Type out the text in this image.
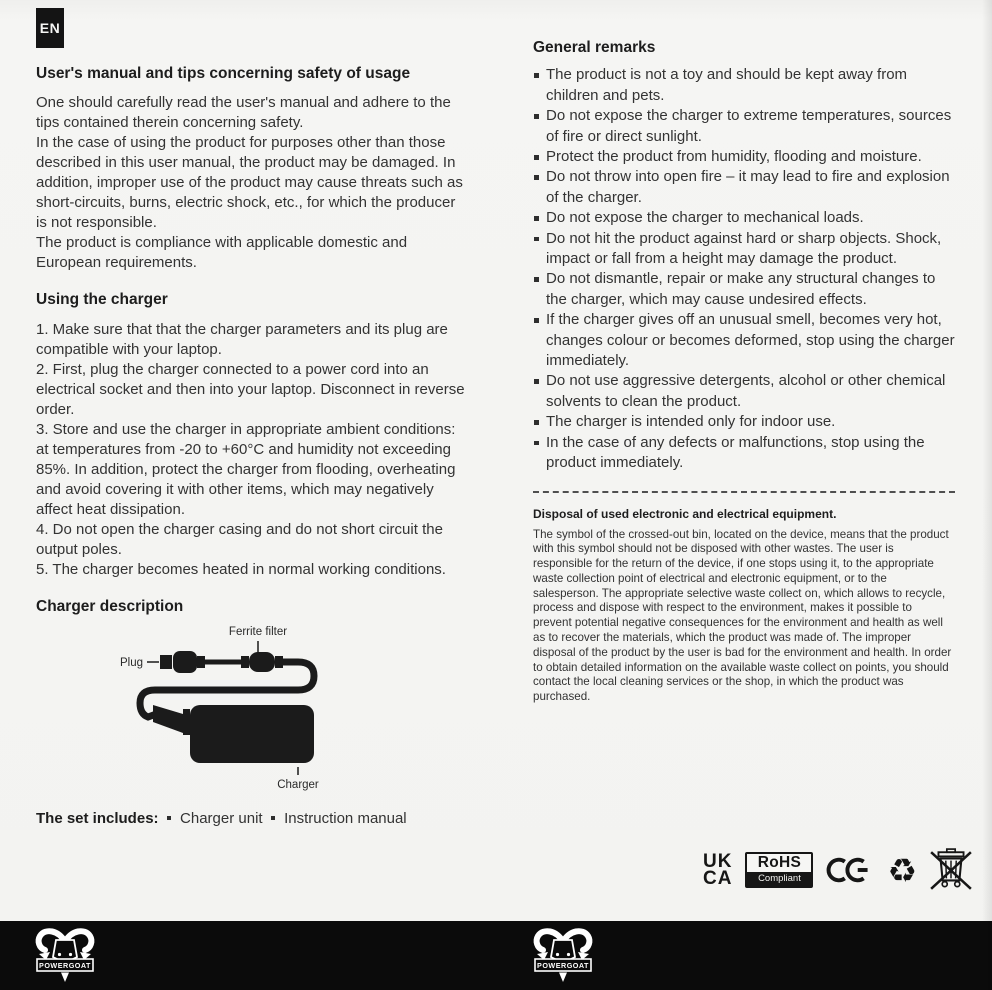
EN
User's manual and tips concerning safety of usage

One should carefully read the user's manual and adhere to the tips contained therein concerning safety.

In the case of using the product for purposes other than those described in this user manual, the product may be damaged. In addition, improper use of the product may cause threats such as short-circuits, burns, electric shock, etc., for which the producer is not responsible.

The product is compliance with applicable domestic and European requirements.

Using the charger
1. Make sure that that the charger parameters and its plug are compatible with your laptop.
2. First, plug the charger connected to a power cord into an electrical socket and then into your laptop. Disconnect in reverse order.
3. Store and use the charger in appropriate ambient conditions: at temperatures from -20 to +60°C and humidity not exceeding 85%. In addition, protect the charger from flooding, overheating and avoid covering it with other items, which may negatively affect heat dissipation.
4. Do not open the charger casing and do not short circuit the output poles.
5. The charger becomes heated in normal working conditions.
Charger description
Ferrite filter
Plug
Charger
The set includes: Charger unit Instruction manual
General remarks
The product is not a toy and should be kept away from children and pets.
Do not expose the charger to extreme temperatures, sources of fire or direct sunlight.
Protect the product from humidity, flooding and moisture.
Do not throw into open fire – it may lead to fire and explosion of the charger.
Do not expose the charger to mechanical loads.
Do not hit the product against hard or sharp objects. Shock, impact or fall from a height may damage the product.
Do not dismantle, repair or make any structural changes to the charger, which may cause undesired effects.
If the charger gives off an unusual smell, becomes very hot, changes colour or becomes deformed, stop using the charger immediately.
Do not use aggressive detergents, alcohol or other chemical solvents to clean the product.
The charger is intended only for indoor use.
In the case of any defects or malfunctions, stop using the product immediately.
Disposal of used electronic and electrical equipment.

The symbol of the crossed-out bin, located on the device, means that the product with this symbol should not be disposed with other wastes. The user is responsible for the return of the device, if one stops using it, to the appropriate waste collection point of electrical and electronic equipment, or to the salesperson. The appropriate selective waste collect on, which allows to recycle, process and dispose with respect to the environment, makes it possible to prevent potential negative consequences for the environment and health as well as to recover the materials, which the product was made of. The improper disposal of the product by the user is bad for the environment and health. In order to obtain detailed information on the available waste collect on points, you should contact the local cleaning services or the shop, in which the product was purchased.

UK
CA
RoHS
Compliant	♻
POWERGOAT	POWERGOAT
